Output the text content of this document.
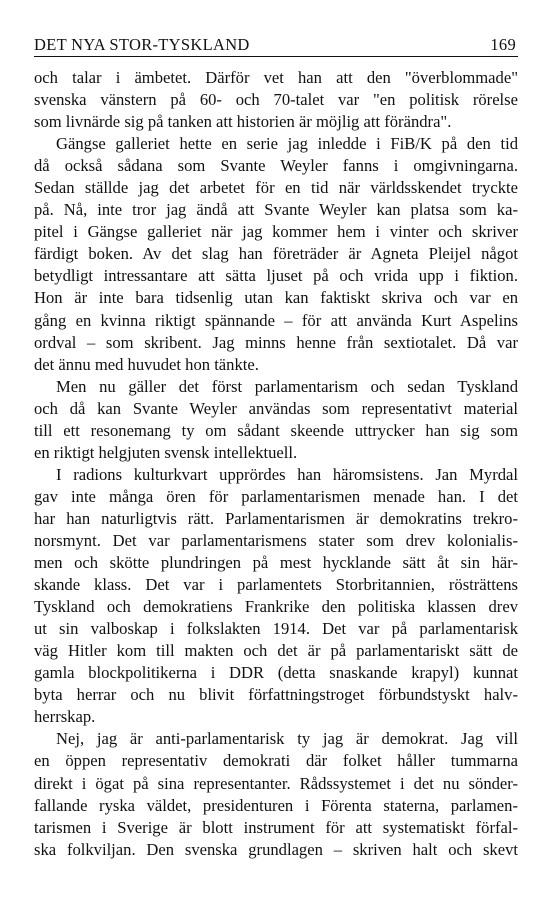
DET NYA STOR-TYSKLAND	169
och talar i ämbetet. Därför vet han att den "överblommade"
svenska vänstern på 60- och 70-talet var "en politisk rörelse
som livnärde sig på tanken att historien är möjlig att förändra".
Gängse galleriet hette en serie jag inledde i FiB/K på den tid
då också sådana som Svante Weyler fanns i omgivningarna.
Sedan ställde jag det arbetet för en tid när världsskendet tryckte
på. Nå, inte tror jag ändå att Svante Weyler kan platsa som ka-
pitel i Gängse galleriet när jag kommer hem i vinter och skriver
färdigt boken. Av det slag han företräder är Agneta Pleijel något
betydligt intressantare att sätta ljuset på och vrida upp i fiktion.
Hon är inte bara tidsenlig utan kan faktiskt skriva och var en
gång en kvinna riktigt spännande – för att använda Kurt Aspelins
ordval – som skribent. Jag minns henne från sextiotalet. Då var
det ännu med huvudet hon tänkte.
Men nu gäller det först parlamentarism och sedan Tyskland
och då kan Svante Weyler användas som representativt material
till ett resonemang ty om sådant skeende uttrycker han sig som
en riktigt helgjuten svensk intellektuell.
I radions kulturkvart upprördes han häromsistens. Jan Myrdal
gav inte många ören för parlamentarismen menade han. I det
har han naturligtvis rätt. Parlamentarismen är demokratins trekro-
norsmynt. Det var parlamentarismens stater som drev kolonialis-
men och skötte plundringen på mest hycklande sätt åt sin här-
skande klass. Det var i parlamentets Storbritannien, rösträttens
Tyskland och demokratiens Frankrike den politiska klassen drev
ut sin valboskap i folkslakten 1914. Det var på parlamentarisk
väg Hitler kom till makten och det är på parlamentariskt sätt de
gamla blockpolitikerna i DDR (detta snaskande krapyl) kunnat
byta herrar och nu blivit författningstroget förbundstyskt halv-
herrskap.
Nej, jag är anti-parlamentarisk ty jag är demokrat. Jag vill
en öppen representativ demokrati där folket håller tummarna
direkt i ögat på sina representanter. Rådssystemet i det nu sönder-
fallande ryska väldet, presidenturen i Förenta staterna, parlamen-
tarismen i Sverige är blott instrument för att systematiskt förfal-
ska folkviljan. Den svenska grundlagen – skriven halt och skevt
